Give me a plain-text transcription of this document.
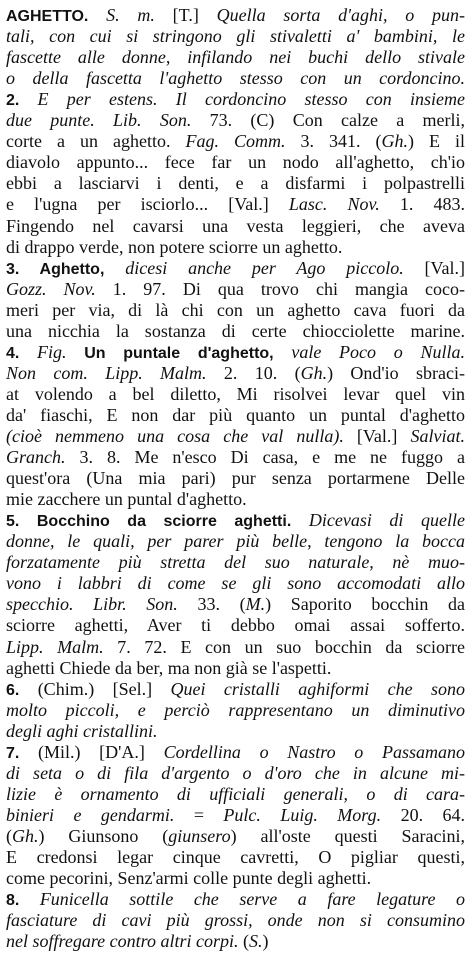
AGHETTO. S. m. [T.] Quella sorta d'aghi, o pun-
tali, con cui si stringono gli stivaletti a' bambini, le
fascette alle donne, infilando nei buchi dello stivale
o della fascetta l'aghetto stesso con un cordoncino.
2. E per estens. Il cordoncino stesso con insieme
due punte. Lib. Son. 73. (C) Con calze a merli,
corte a un aghetto. Fag. Comm. 3. 341. (Gh.) E il
diavolo appunto... fece far un nodo all'aghetto, ch'io
ebbi a lasciarvi i denti, e a disfarmi i polpastrelli
e l'ugna per isciorlo... [Val.] Lasc. Nov. 1. 483.
Fingendo nel cavarsi una vesta leggieri, che aveva
di drappo verde, non potere sciorre un aghetto.
3. Aghetto, dicesi anche per Ago piccolo. [Val.]
Gozz. Nov. 1. 97. Di qua trovo chi mangia coco-
meri per via, di là chi con un aghetto cava fuori da
una nicchia la sostanza di certe chiocciolette marine.
4. Fig. Un puntale d'aghetto, vale Poco o Nulla.
Non com. Lipp. Malm. 2. 10. (Gh.) Ond'io sbraci-
at volendo a bel diletto, Mi risolvei levar quel vin
da' fiaschi, E non dar più quanto un puntal d'aghetto
(cioè nemmeno una cosa che val nulla). [Val.] Salviat.
Granch. 3. 8. Me n'esco Di casa, e me ne fuggo a
quest'ora (Una mia pari) pur senza portarmene Delle
mie zacchere un puntal d'aghetto.
5. Bocchino da sciorre aghetti. Dicevasi di quelle
donne, le quali, per parer più belle, tengono la bocca
forzatamente più stretta del suo naturale, nè muo-
vono i labbri di come se gli sono accomodati allo
specchio. Libr. Son. 33. (M.) Saporito bocchin da
sciorre aghetti, Aver ti debbo omai assai sofferto.
Lipp. Malm. 7. 72. E con un suo bocchin da sciorre
aghetti Chiede da ber, ma non già se l'aspetti.
6. (Chim.) [Sel.] Quei cristalli aghiformi che sono
molto piccoli, e perciò rappresentano un diminutivo
degli aghi cristallini.
7. (Mil.) [D'A.] Cordellina o Nastro o Passamano
di seta o di fila d'argento o d'oro che in alcune mi-
lizie è ornamento di ufficiali generali, o di cara-
binieri e gendarmi. = Pulc. Luig. Morg. 20. 64.
(Gh.) Giunsono (giunsero) all'oste questi Saracini,
E credonsi legar cinque cavretti, O pigliar questi,
come pecorini, Senz'armi colle punte degli aghetti.
8. Funicella sottile che serve a fare legature o
fasciature di cavi più grossi, onde non si consumino
nel soffregare contro altri corpi. (S.)
